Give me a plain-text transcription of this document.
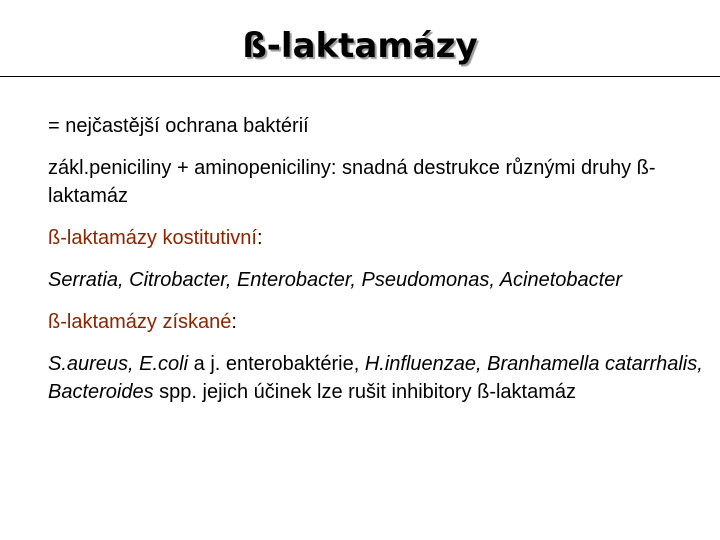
ß-laktamázy

= nejčastější ochrana baktérií

zákl.peniciliny + aminopeniciliny: snadná destrukce různými druhy ß-laktamáz

ß-laktamázy kostitutivní:

Serratia, Citrobacter, Enterobacter, Pseudomonas, Acinetobacter

ß-laktamázy získané:

S.aureus, E.coli a j. enterobaktérie, H.influenzae, Branhamella catarrhalis, Bacteroides spp. jejich účinek lze rušit inhibitory ß-laktamáz
